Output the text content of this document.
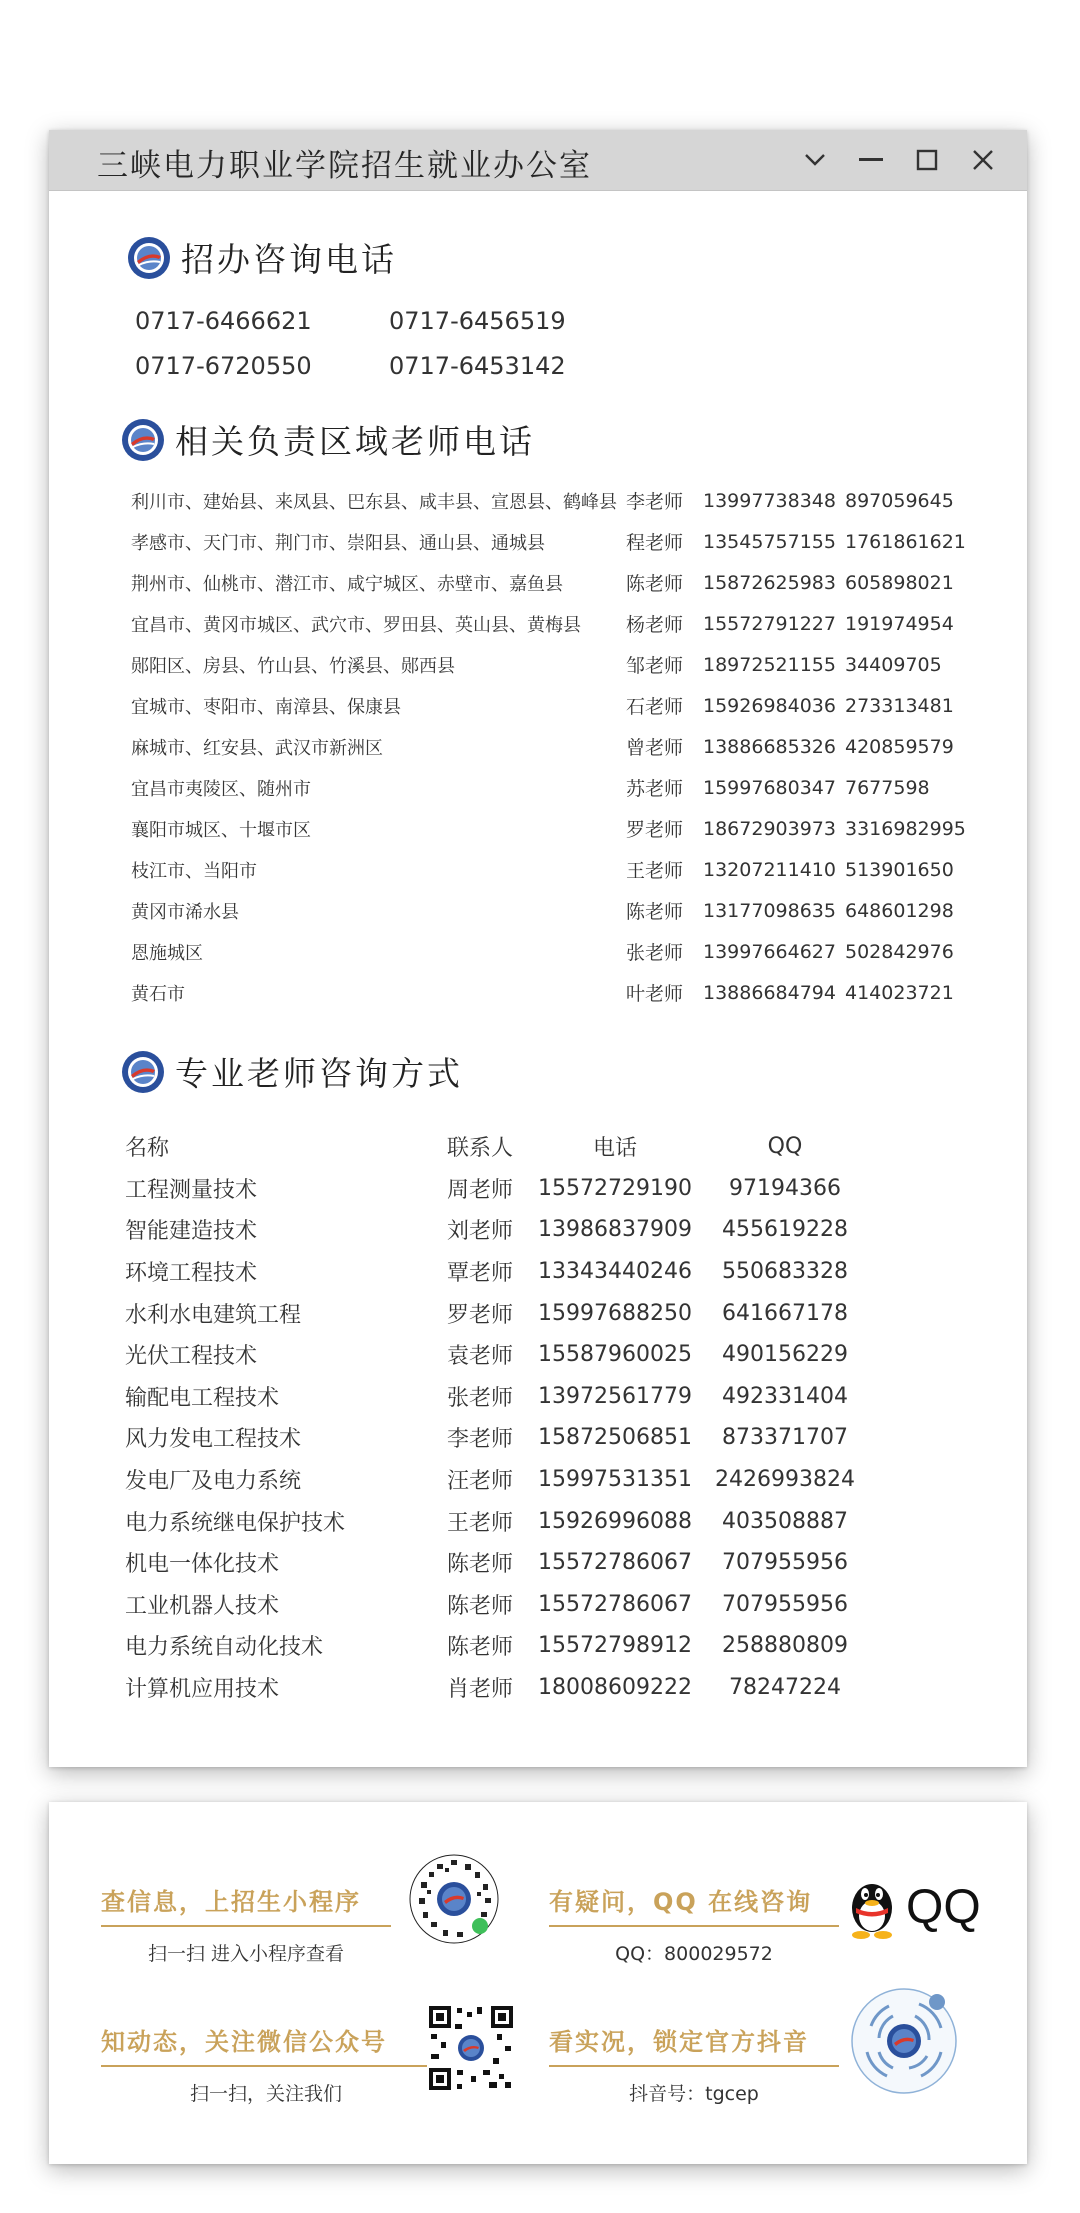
三峡电力职业学院招生就业办公室
招办咨询电话
0717-6466621	0717-6456519
0717-6720550	0717-6453142
相关负责区域老师电话
利川市、建始县、来凤县、巴东县、咸丰县、宣恩县、鹤峰县 李老师	13997738348 897059645
孝感市、天门市、荆门市、崇阳县、通山县、通城县	程老师	13545757155 1761861621
荆州市、仙桃市、潜江市、咸宁城区、赤壁市、嘉鱼县	陈老师	15872625983 605898021
宜昌市、黄冈市城区、武穴市、罗田县、英山县、黄梅县	杨老师	15572791227 191974954
郧阳区、房县、竹山县、竹溪县、郧西县	邹老师	18972521155 34409705
宜城市、枣阳市、南漳县、保康县	石老师	15926984036 273313481
麻城市、红安县、武汉市新洲区	曾老师	13886685326 420859579
宜昌市夷陵区、随州市	苏老师	15997680347 7677598
襄阳市城区、十堰市区	罗老师	18672903973 3316982995
枝江市、当阳市	王老师	13207211410 513901650
黄冈市浠水县	陈老师	13177098635 648601298
恩施城区	张老师	13997664627 502842976
黄石市	叶老师	13886684794 414023721
专业老师咨询方式
名称	联系人	电话	QQ
工程测量技术	周老师	15572729190	97194366
智能建造技术	刘老师	13986837909	455619228
环境工程技术	覃老师	13343440246	550683328
水利水电建筑工程	罗老师	15997688250	641667178
光伏工程技术	袁老师	15587960025	490156229
输配电工程技术	张老师	13972561779	492331404
风力发电工程技术	李老师	15872506851	873371707
发电厂及电力系统	汪老师	15997531351	2426993824
电力系统继电保护技术	王老师	15926996088	403508887
机电一体化技术	陈老师	15572786067	707955956
工业机器人技术	陈老师	15572786067	707955956
电力系统自动化技术	陈老师	15572798912	258880809
计算机应用技术	肖老师	18008609222	78247224
查信息，上招生小程序
扫一扫 进入小程序查看
有疑问，QQ 在线咨询
QQ：800029572
QQ
知动态，关注微信公众号
扫一扫，关注我们
看实况，锁定官方抖音
抖音号：tgcep
